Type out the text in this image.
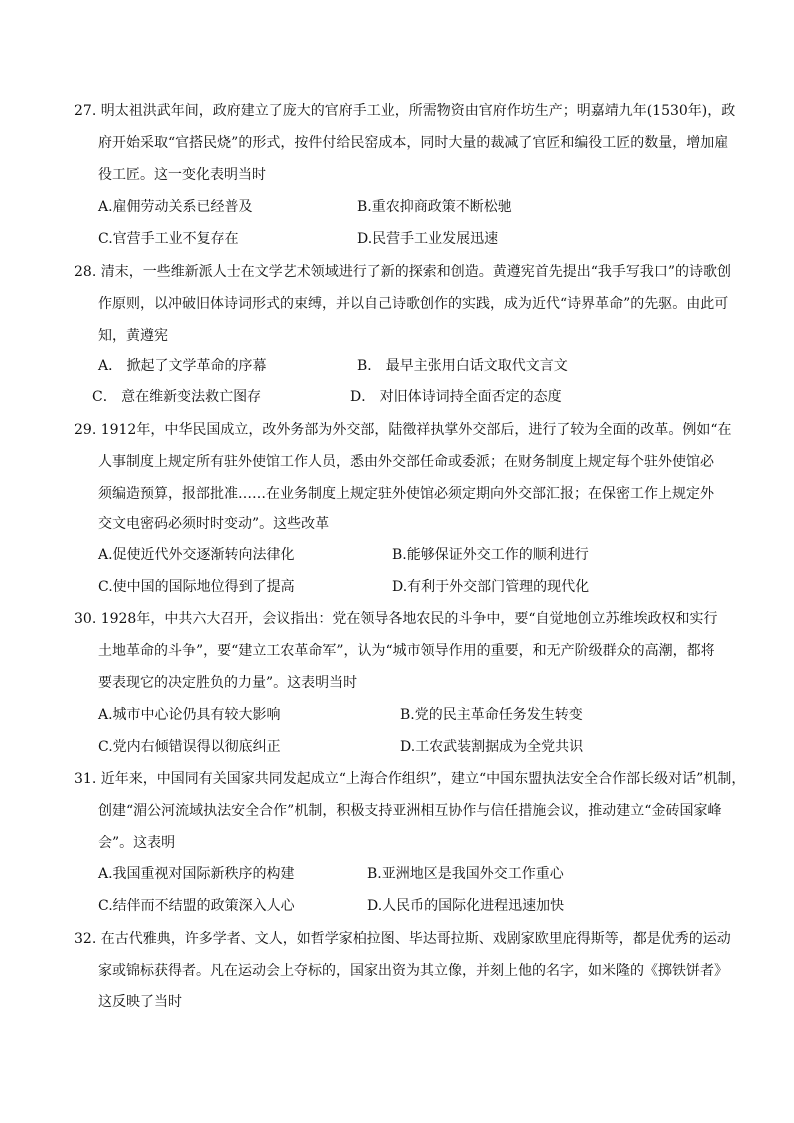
27. 明太祖洪武年间，政府建立了庞大的官府手工业，所需物资由官府作坊生产；明嘉靖九年(1530年)，政
府开始采取“官搭民烧”的形式，按件付给民窑成本，同时大量的裁减了官匠和编役工匠的数量，增加雇
役工匠。这一变化表明当时
A.雇佣劳动关系已经普及	B.重农抑商政策不断松驰
C.官营手工业不复存在	D.民营手工业发展迅速
28. 清末，一些维新派人士在文学艺术领域进行了新的探索和创造。黄遵宪首先提出“我手写我口”的诗歌创
作原则，以冲破旧体诗词形式的束缚，并以自己诗歌创作的实践，成为近代“诗界革命”的先驱。由此可
知，黄遵宪
A． 掀起了文学革命的序幕	B． 最早主张用白话文取代文言文
C． 意在维新变法救亡图存	D． 对旧体诗词持全面否定的态度
29. 1912年，中华民国成立，改外务部为外交部，陆徵祥执掌外交部后，进行了较为全面的改革。例如“在
人事制度上规定所有驻外使馆工作人员，悉由外交部任命或委派；在财务制度上规定每个驻外使馆必
须编造预算，报部批准……在业务制度上规定驻外使馆必须定期向外交部汇报；在保密工作上规定外
交文电密码必须时时变动”。这些改革
A.促使近代外交逐渐转向法律化	B.能够保证外交工作的顺利进行
C.使中国的国际地位得到了提高	D.有利于外交部门管理的现代化
30. 1928年，中共六大召开，会议指出：党在领导各地农民的斗争中，要“自觉地创立苏维埃政权和实行
土地革命的斗争”，要“建立工农革命军”，认为“城市领导作用的重要，和无产阶级群众的高潮，都将
要表现它的决定胜负的力量”。这表明当时
A.城市中心论仍具有较大影响	B.党的民主革命任务发生转变
C.党内右倾错误得以彻底纠正	D.工农武装割据成为全党共识
31. 近年来，中国同有关国家共同发起成立“上海合作组织”，建立“中国东盟执法安全合作部长级对话”机制，
创建“湄公河流域执法安全合作”机制，积极支持亚洲相互协作与信任措施会议，推动建立“金砖国家峰
会”。这表明
A.我国重视对国际新秩序的构建	B.亚洲地区是我国外交工作重心
C.结伴而不结盟的政策深入人心	D.人民币的国际化进程迅速加快
32. 在古代雅典，许多学者、文人，如哲学家柏拉图、毕达哥拉斯、戏剧家欧里庇得斯等，都是优秀的运动
家或锦标获得者。凡在运动会上夺标的，国家出资为其立像，并刻上他的名字，如米隆的《掷铁饼者》
这反映了当时
